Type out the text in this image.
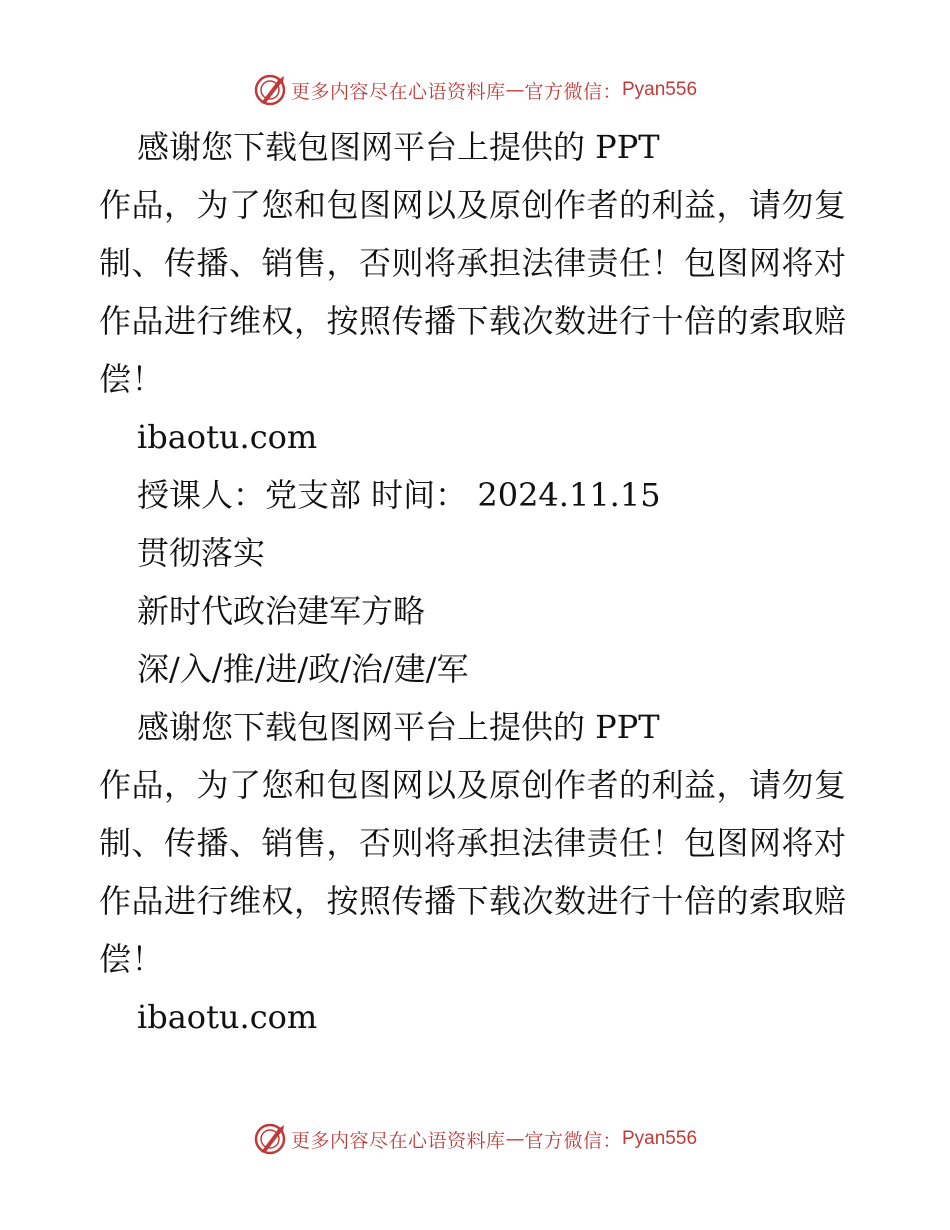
更多内容尽在心语资料库 — 官方微信： Pyan556

感谢您下载包图网平台上提供的 PPT

作品，为了您和包图网以及原创作者的利益，请勿复制、传播、销售，否则将承担法律责任！包图网将对作品进行维权，按照传播下载次数进行十倍的索取赔偿！

ibaotu.com

授课人：党支部 时间： 2024.11.15

贯彻落实

新时代政治建军方略

深/入/推/进/政/治/建/军

感谢您下载包图网平台上提供的 PPT

作品，为了您和包图网以及原创作者的利益，请勿复制、传播、销售，否则将承担法律责任！包图网将对作品进行维权，按照传播下载次数进行十倍的索取赔偿！

ibaotu.com

更多内容尽在心语资料库 — 官方微信： Pyan556
